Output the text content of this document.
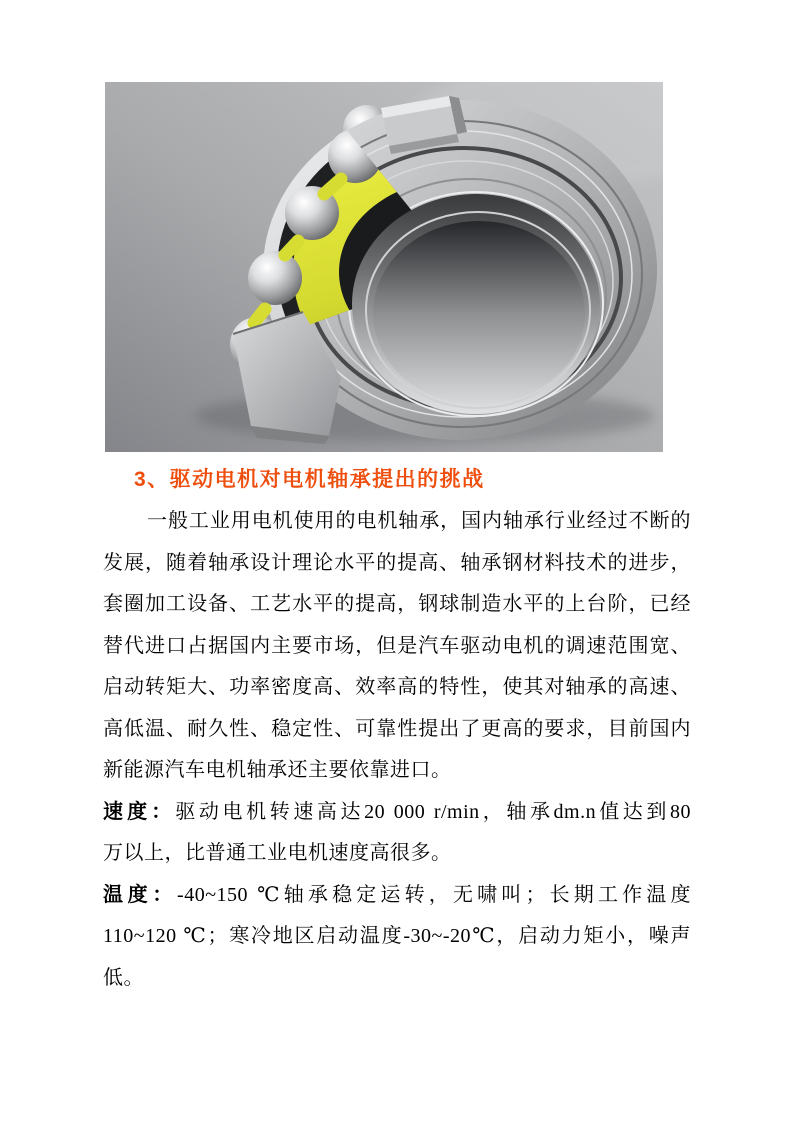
3、驱动电机对电机轴承提出的挑战
一般工业用电机使用的电机轴承，国内轴承行业经过不断的
发展，随着轴承设计理论水平的提高、轴承钢材料技术的进步，
套圈加工设备、工艺水平的提高，钢球制造水平的上台阶，已经
替代进口占据国内主要市场，但是汽车驱动电机的调速范围宽、
启动转矩大、功率密度高、效率高的特性，使其对轴承的高速、
高低温、耐久性、稳定性、可靠性提出了更高的要求，目前国内
新能源汽车电机轴承还主要依靠进口。
速度：驱动电机转速高达20 000 r/min，轴承dm.n值达到80
万以上，比普通工业电机速度高很多。
温度：-40~150 ℃轴承稳定运转，无啸叫；长期工作温度
110~120 ℃；寒冷地区启动温度-30~-20℃，启动力矩小，噪声
低。
